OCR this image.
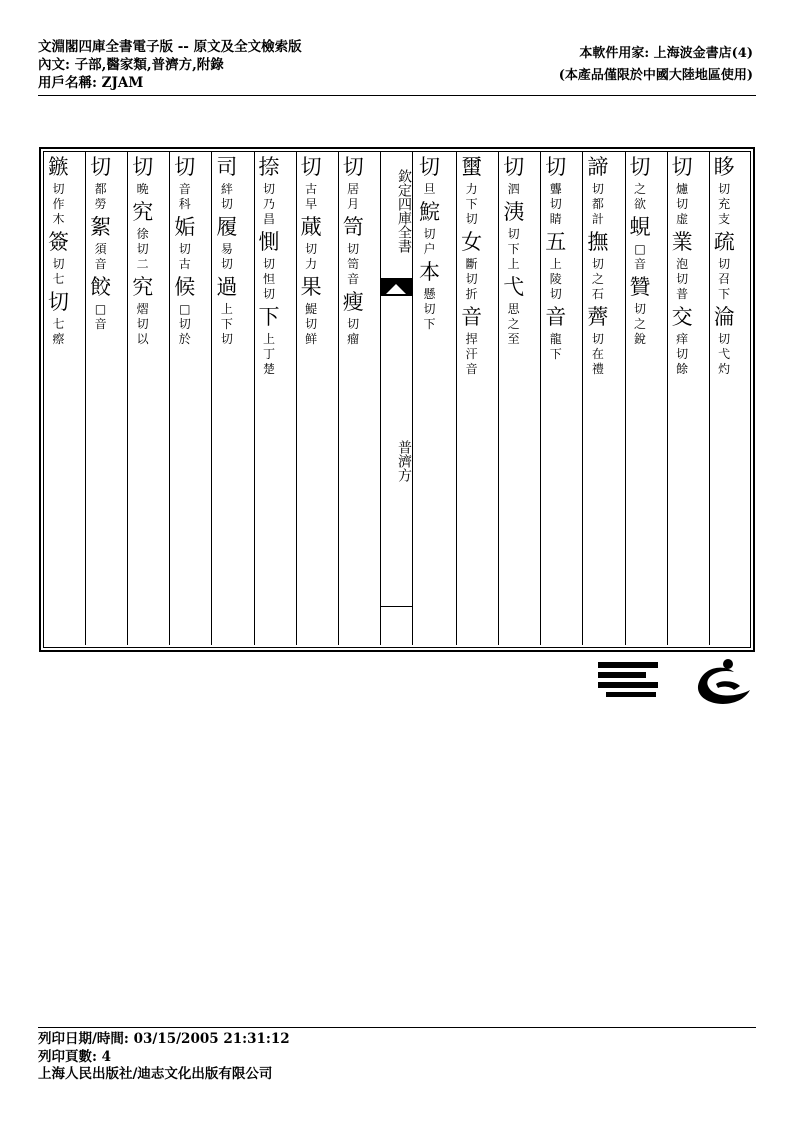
文淵閣四庫全書電子版 -- 原文及全文檢索版
內文: 子部,醫家類,普濟方,附錄
用戶名稱: ZJAM
本軟件用家: 上海波金書店(4)
(本產品僅限於中國大陸地區使用)
欽定四庫全書
普濟方
切
旦
鯇
切
户
本
懸
切
下
蠒
力
下
切
女
斷
切
折
音
捍
汗
音
切
泗
洟
切
下
上
弋
思
之
至
切
聾
切
睛
五
上
陵
切
音
龍
下
諦
切
都
計
撫
切
之
石
薺
切
在
禮
切
之
欲
蜆
□
音
贊
切
之
銳
切
爈
切
虚
業
泡
切
普
交
痒
切
餘
眵
切
充
支
疏
切
召
下
淪
切
弋
灼
鏃
切
作
木
簽
切
七
切
七
瘵
切
都
勞
絮
須
音
餃
□
音
切
晩
究
徐
切
二
究
熠
切
以
切
音
科
姤
切
古
候
□
切
於
司
絆
切
履
易
切
過
上
下
切
捺
切
乃
昌
惻
切
怛
切
下
上
丁
楚
切
古
早
蕆
切
力
果
鯷
切
鲜
切
居
月
笥
切
笥
音
瘦
切
瘤
列印日期/時間: 03/15/2005 21:31:12
列印頁數: 4
上海人民出版社/迪志文化出版有限公司
